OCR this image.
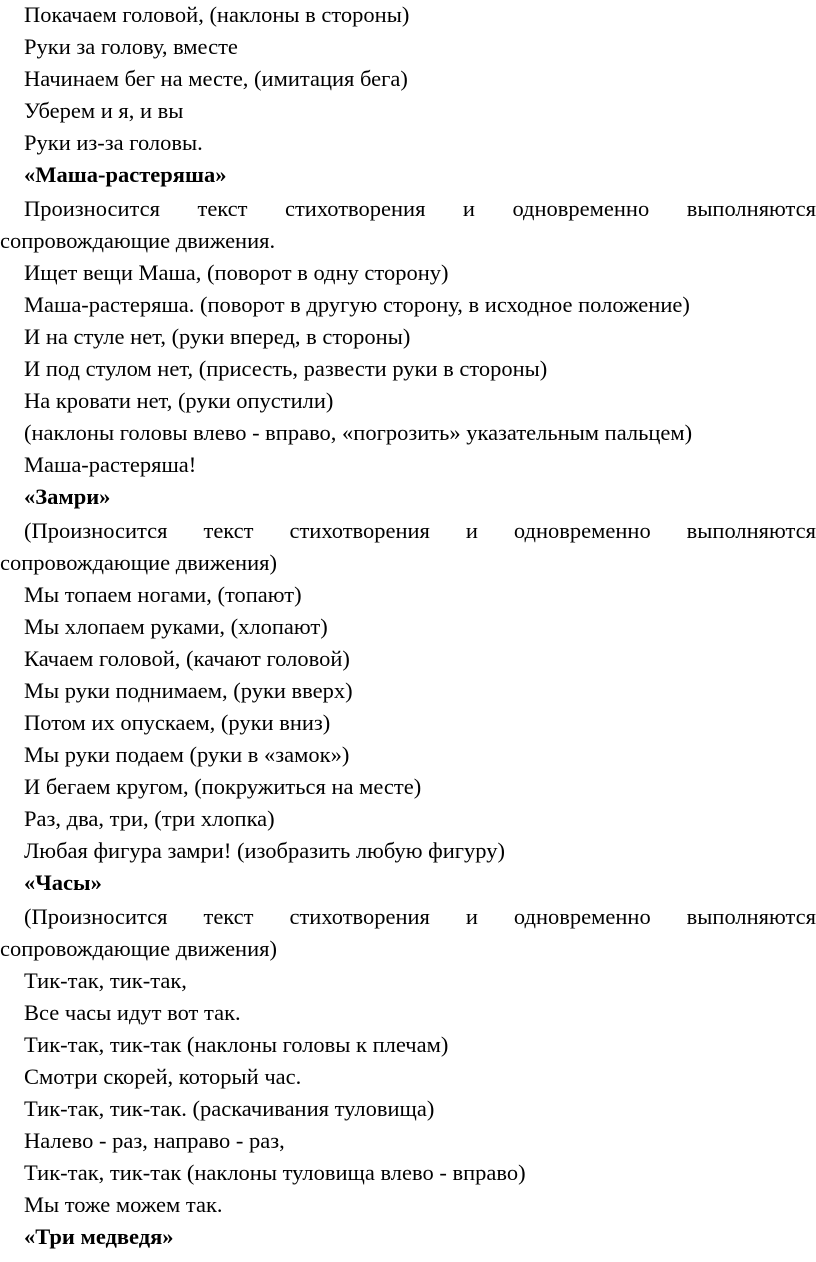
Покачаем головой, (наклоны в стороны)
Руки за голову, вместе
Начинаем бег на месте, (имитация бега)
Уберем и я, и вы
Руки из-за головы.
«Маша-растеряша»
Произносится текст стихотворения и одновременно выполняются
сопровождающие движения.
Ищет вещи Маша, (поворот в одну сторону)
Маша-растеряша. (поворот в другую сторону, в исходное положение)
И на стуле нет, (руки вперед, в стороны)
И под стулом нет, (присесть, развести руки в стороны)
На кровати нет, (руки опустили)
(наклоны головы влево - вправо, «погрозить» указательным пальцем)
Маша-растеряша!
«Замри»
(Произносится текст стихотворения и одновременно выполняются
сопровождающие движения)
Мы топаем ногами, (топают)
Мы хлопаем руками, (хлопают)
Качаем головой, (качают головой)
Мы руки поднимаем, (руки вверх)
Потом их опускаем, (руки вниз)
Мы руки подаем (руки в «замок»)
И бегаем кругом, (покружиться на месте)
Раз, два, три, (три хлопка)
Любая фигура замри! (изобразить любую фигуру)
«Часы»
(Произносится текст стихотворения и одновременно выполняются
сопровождающие движения)
Тик-так, тик-так,
Все часы идут вот так.
Тик-так, тик-так (наклоны головы к плечам)
Смотри скорей, который час.
Тик-так, тик-так. (раскачивания туловища)
Налево - раз, направо - раз,
Тик-так, тик-так (наклоны туловища влево - вправо)
Мы тоже можем так.
«Три медведя»
